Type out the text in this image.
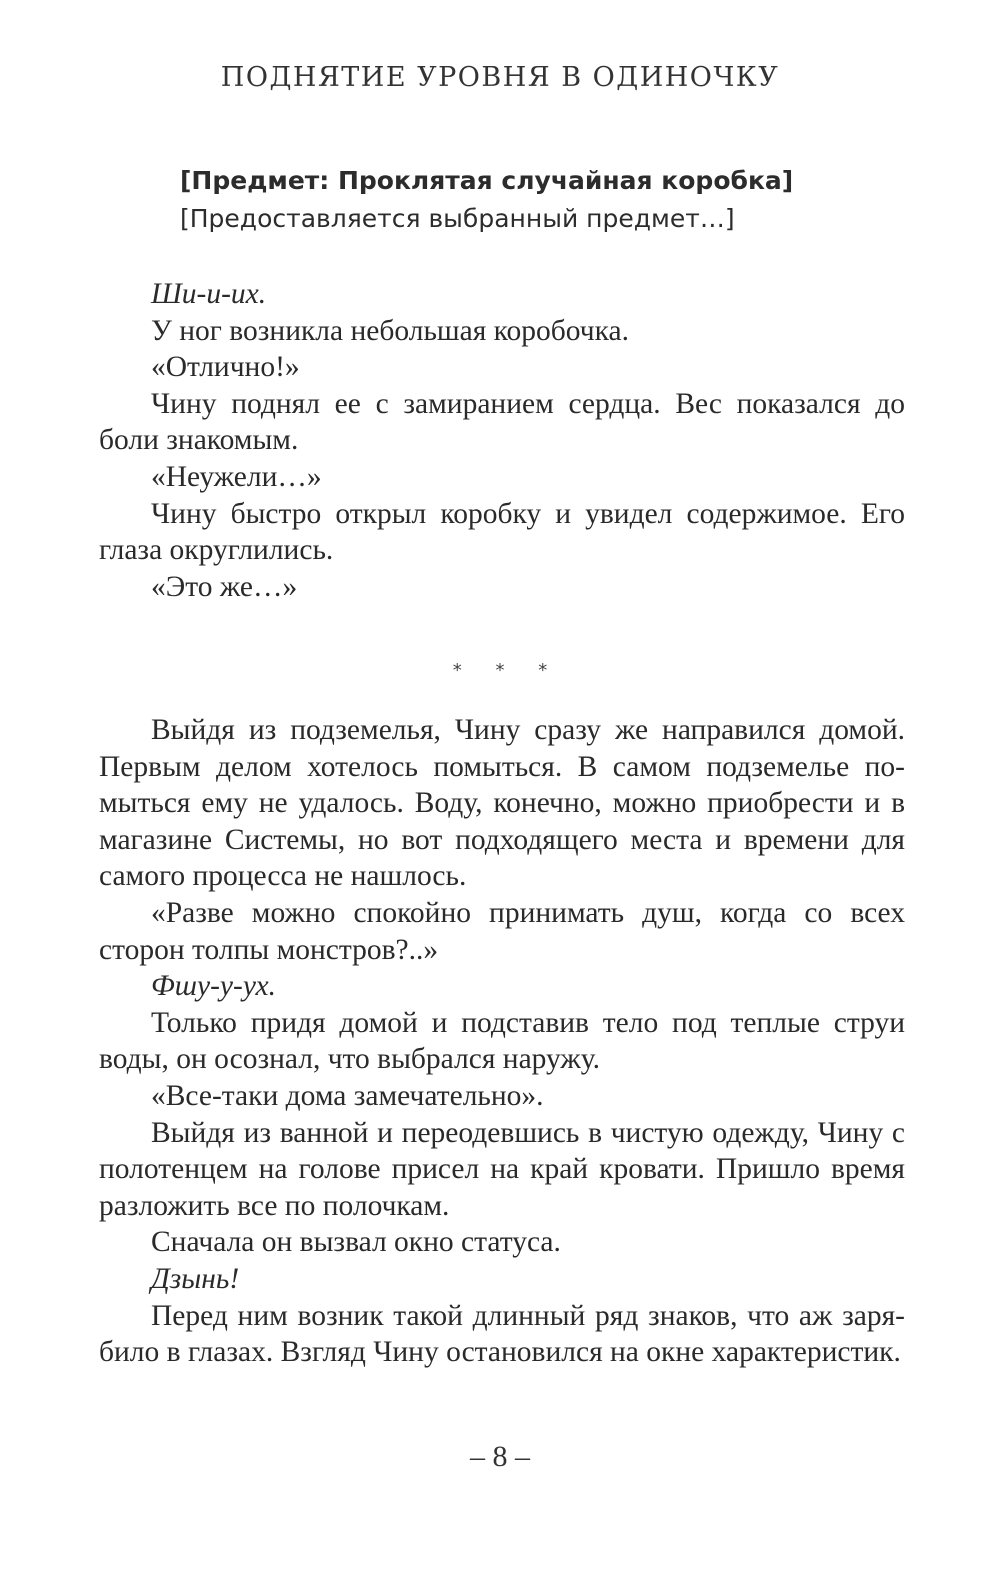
ПОДНЯТИЕ УРОВНЯ В ОДИНОЧКУ
[Предмет: Проклятая случайная коробка]
[Предоставляется выбранный предмет…]

Ши-и-их.

У ног возникла небольшая коробочка.

«Отлично!»

Чину поднял ее с замиранием сердца. Вес показался до боли знакомым.

«Неужели…»

Чину быстро открыл коробку и увидел содержимое. Его глаза округлились.

«Это же…»

* * *

Выйдя из подземелья, Чину сразу же направился домой. Первым делом хотелось помыться. В самом подземелье по-мыться ему не удалось. Воду, конечно, можно приобрести и в магазине Системы, но вот подходящего места и времени для самого процесса не нашлось.

«Разве можно спокойно принимать душ, когда со всех сторон толпы монстров?..»

Фшу-у-ух.

Только придя домой и подставив тело под теплые струи воды, он осознал, что выбрался наружу.

«Все-таки дома замечательно».

Выйдя из ванной и переодевшись в чистую одежду, Чину с полотенцем на голове присел на край кровати. Пришло время разложить все по полочкам.

Сначала он вызвал окно статуса.

Дзынь!

Перед ним возник такой длинный ряд знаков, что аж заря-било в глазах. Взгляд Чину остановился на окне характеристик.

– 8 –
